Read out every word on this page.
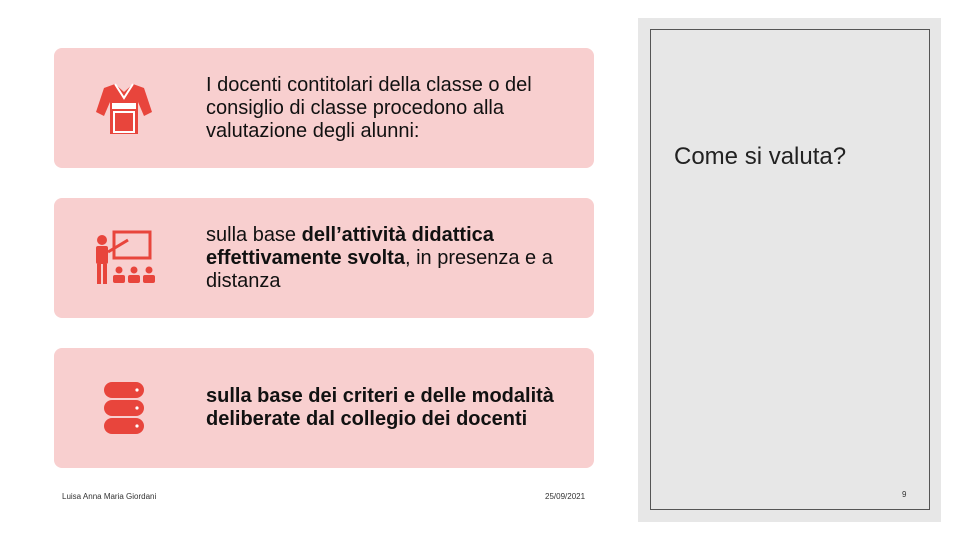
I docenti contitolari della classe o del consiglio di classe procedono alla valutazione degli alunni:

sulla base dell’attività didattica effettivamente svolta, in presenza e a distanza

sulla base dei criteri e delle modalità deliberate dal collegio dei docenti

Luisa Anna Maria Giordani	25/09/2021
Come si valuta?
9
